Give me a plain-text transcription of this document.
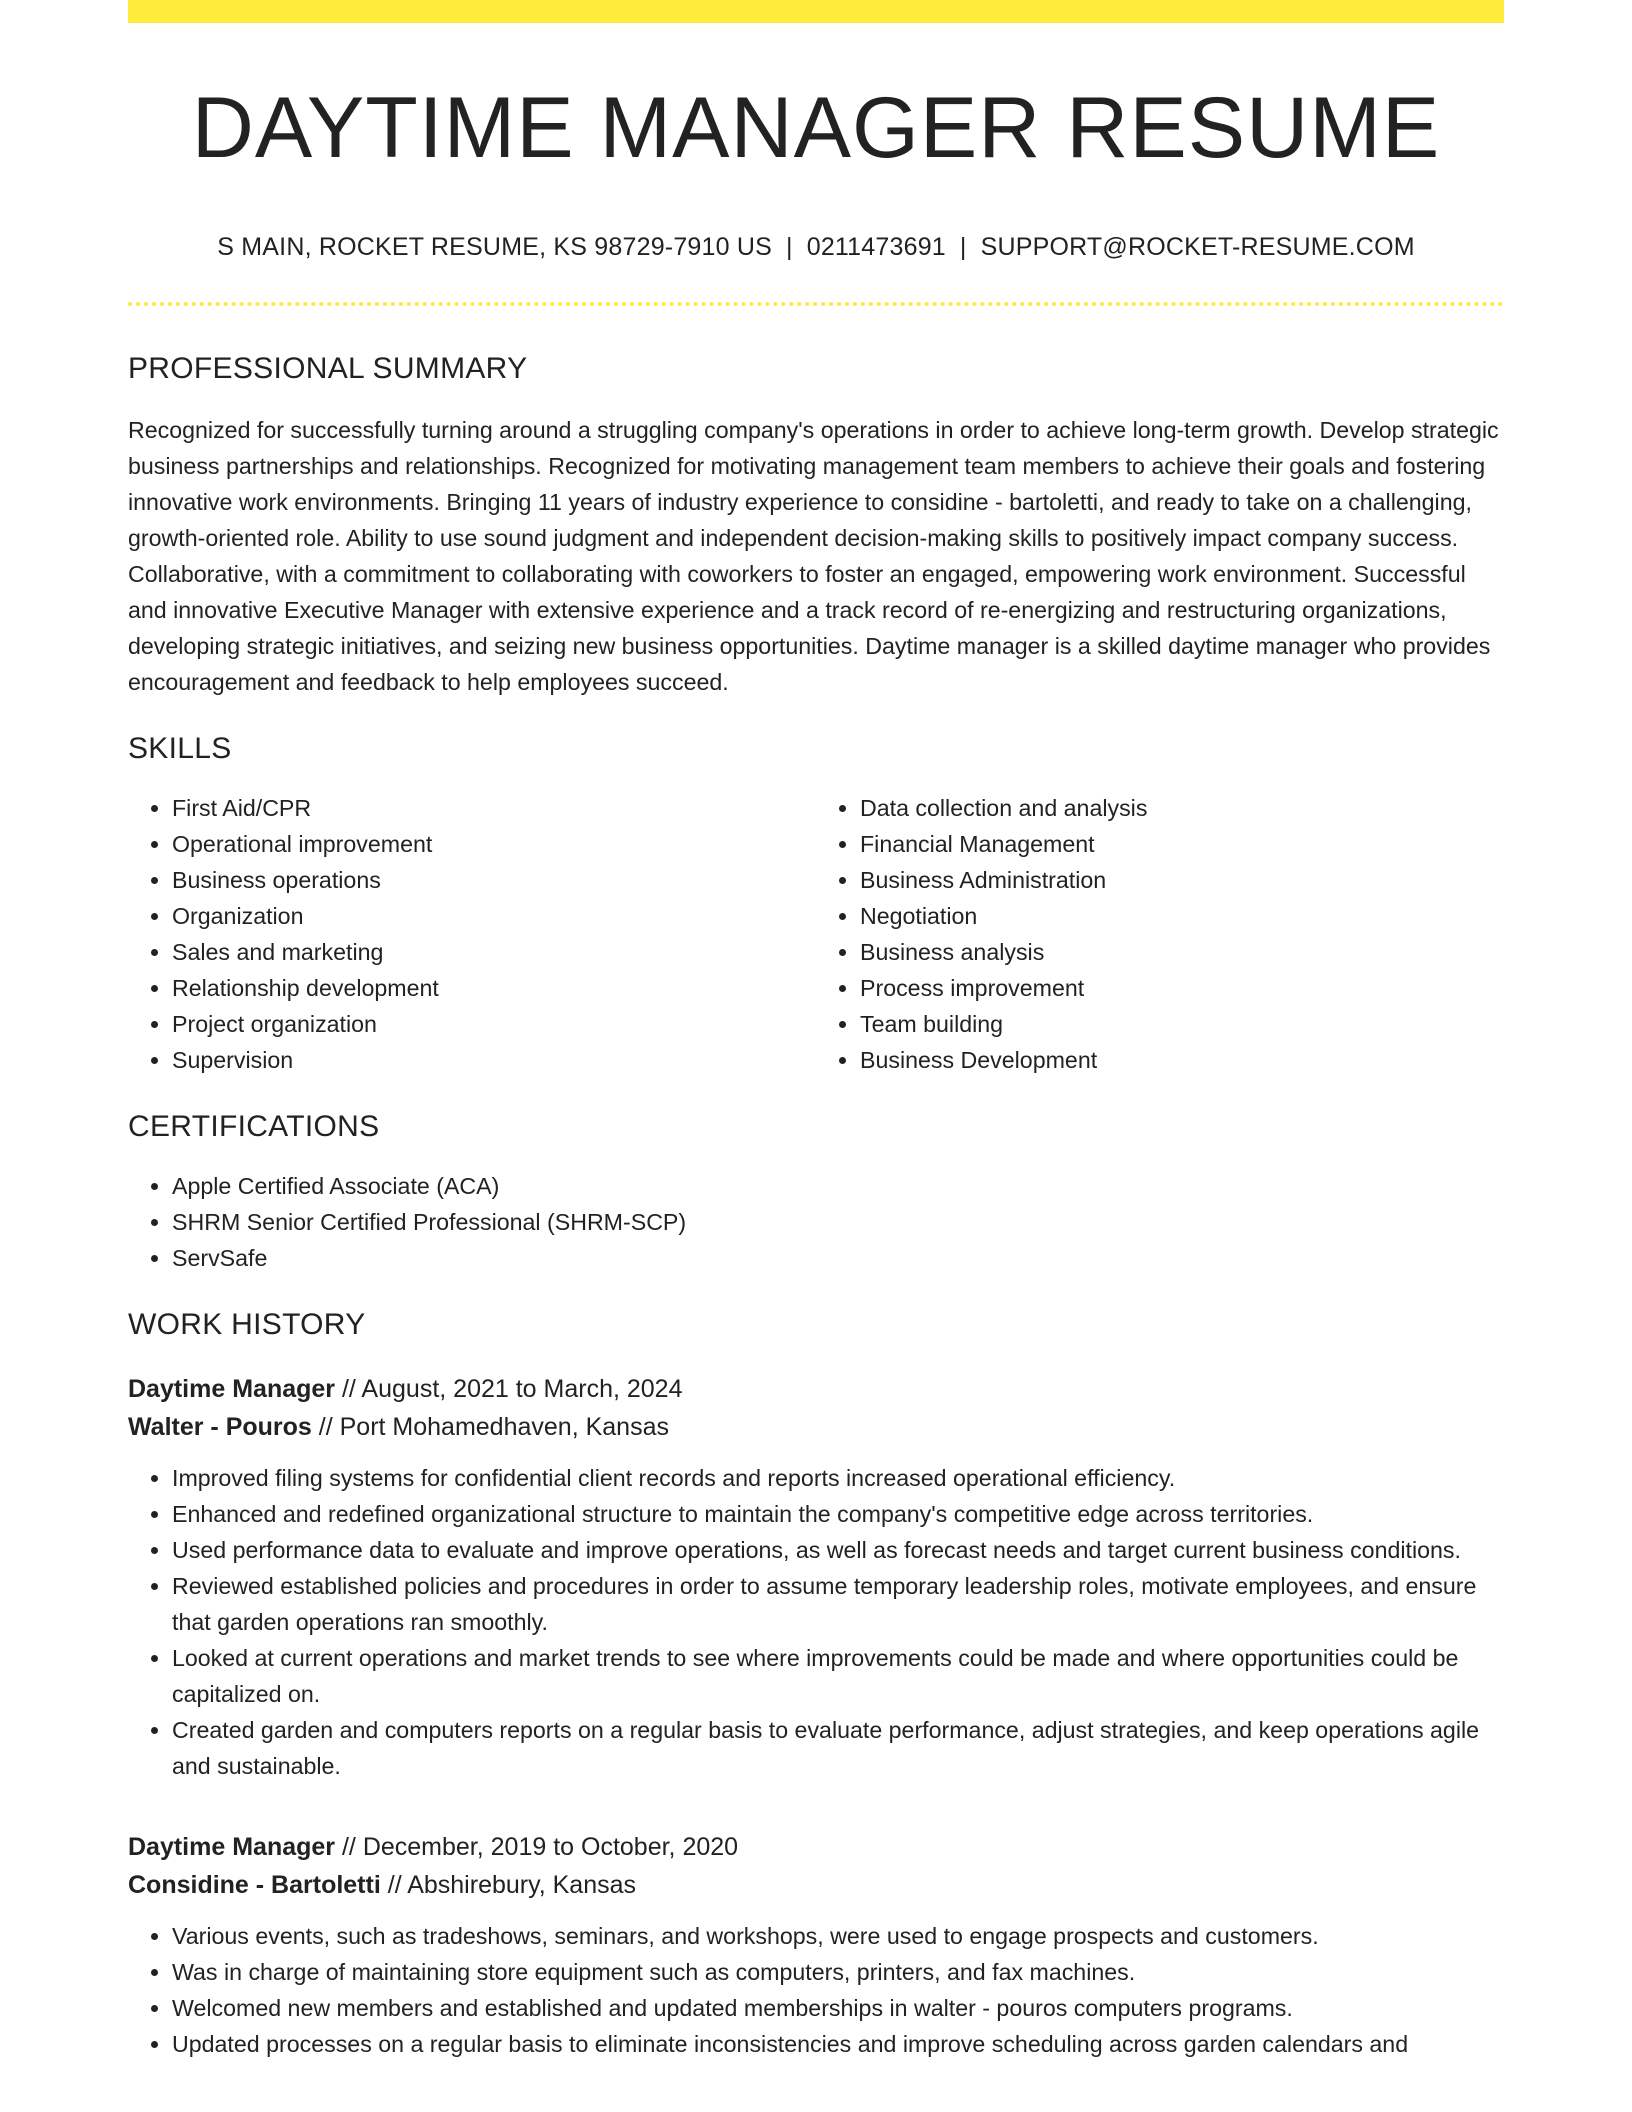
DAYTIME MANAGER RESUME
S MAIN, ROCKET RESUME, KS 98729-7910 US | 0211473691 | SUPPORT@ROCKET-RESUME.COM
PROFESSIONAL SUMMARY

Recognized for successfully turning around a struggling company's operations in order to achieve long-term growth. Develop strategic business partnerships and relationships. Recognized for motivating management team members to achieve their goals and fostering innovative work environments. Bringing 11 years of industry experience to considine - bartoletti, and ready to take on a challenging, growth-oriented role. Ability to use sound judgment and independent decision-making skills to positively impact company success. Collaborative, with a commitment to collaborating with coworkers to foster an engaged, empowering work environment. Successful and innovative Executive Manager with extensive experience and a track record of re-energizing and restructuring organizations, developing strategic initiatives, and seizing new business opportunities. Daytime manager is a skilled daytime manager who provides encouragement and feedback to help employees succeed.

SKILLS
• First Aid/CPR
• Operational improvement
• Business operations
• Organization
• Sales and marketing
• Relationship development
• Project organization
• Supervision
• Data collection and analysis
• Financial Management
• Business Administration
• Negotiation
• Business analysis
• Process improvement
• Team building
• Business Development
CERTIFICATIONS
• Apple Certified Associate (ACA)
• SHRM Senior Certified Professional (SHRM-SCP)
• ServSafe
WORK HISTORY
Daytime Manager // August, 2021 to March, 2024
Walter - Pouros // Port Mohamedhaven, Kansas
• Improved filing systems for confidential client records and reports increased operational efficiency.
• Enhanced and redefined organizational structure to maintain the company's competitive edge across territories.
• Used performance data to evaluate and improve operations, as well as forecast needs and target current business conditions.
• Reviewed established policies and procedures in order to assume temporary leadership roles, motivate employees, and ensure that garden operations ran smoothly.
• Looked at current operations and market trends to see where improvements could be made and where opportunities could be capitalized on.
• Created garden and computers reports on a regular basis to evaluate performance, adjust strategies, and keep operations agile and sustainable.
Daytime Manager // December, 2019 to October, 2020
Considine - Bartoletti // Abshirebury, Kansas
• Various events, such as tradeshows, seminars, and workshops, were used to engage prospects and customers.
• Was in charge of maintaining store equipment such as computers, printers, and fax machines.
• Welcomed new members and established and updated memberships in walter - pouros computers programs.
• Updated processes on a regular basis to eliminate inconsistencies and improve scheduling across garden calendars and
